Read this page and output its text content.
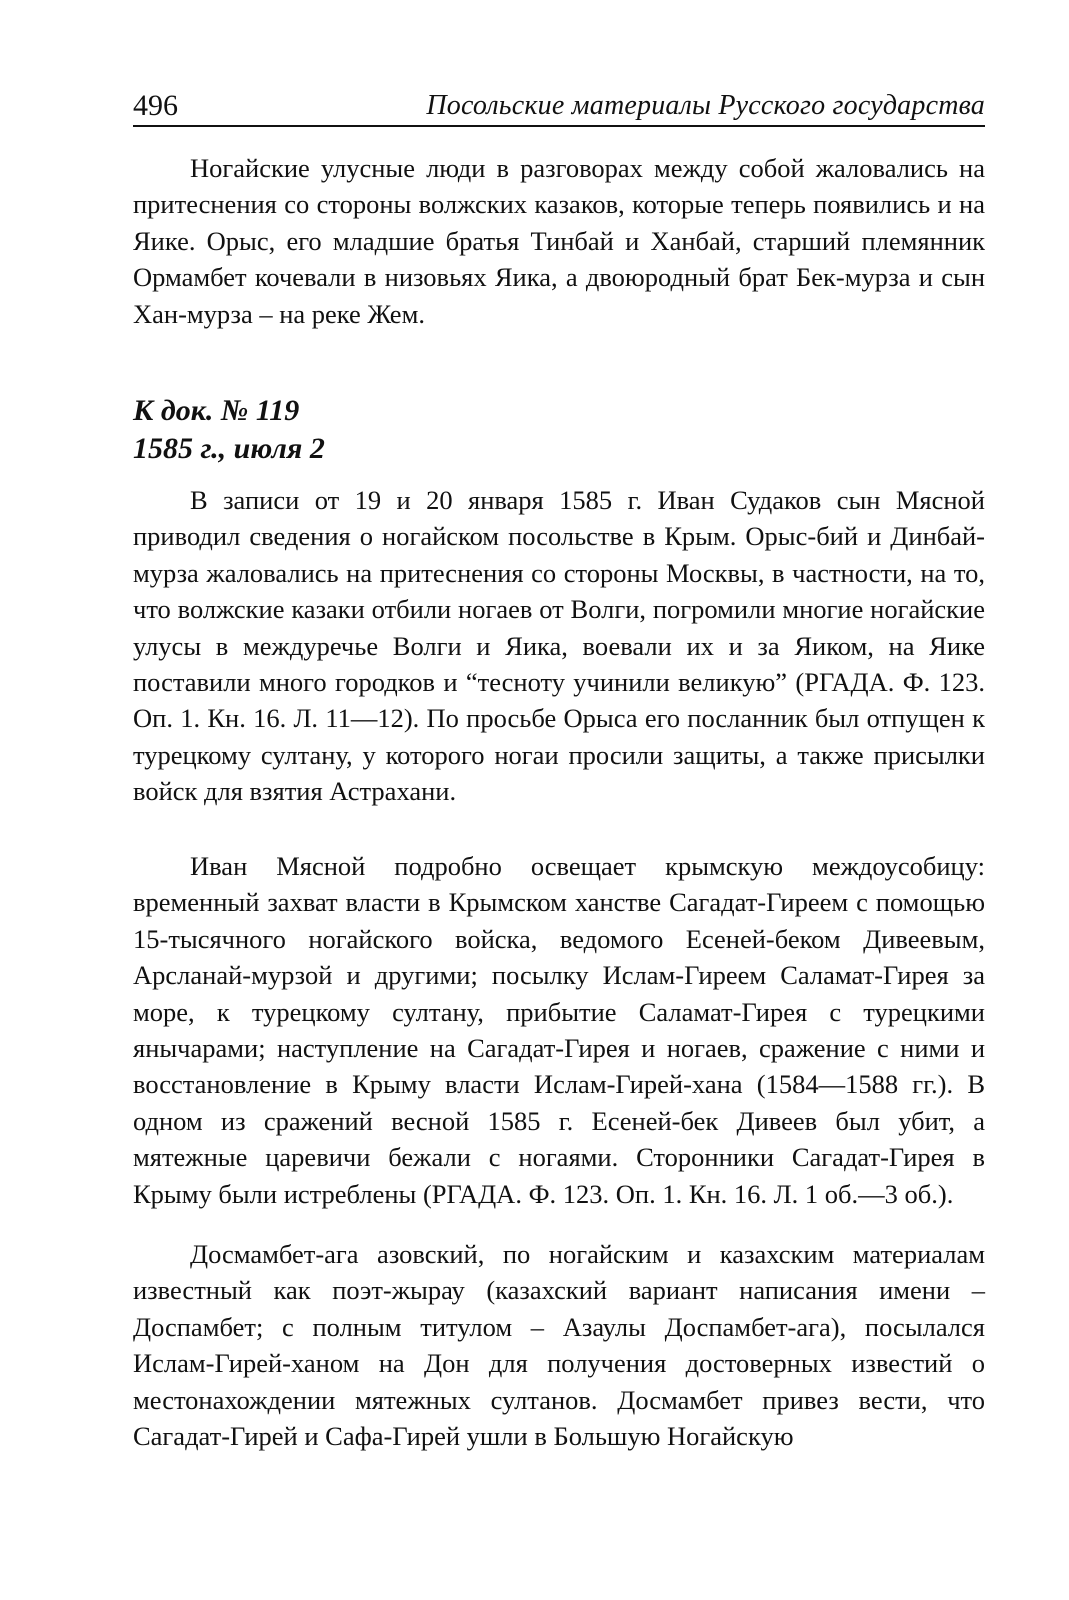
496	Посольские материалы Русского государства

Ногайские улусные люди в разговорах между собой жаловались на притеснения со стороны волжских казаков, которые теперь появились и на Яике. Орыс, его младшие братья Тинбай и Ханбай, старший племянник Ормамбет кочевали в низовьях Яика, а двоюродный брат Бек-мурза и сын Хан-мурза – на реке Жем.

К док. № 119
1585 г., июля 2

В записи от 19 и 20 января 1585 г. Иван Судаков сын Мясной приводил сведения о ногайском посольстве в Крым. Орыс-бий и Динбай-мурза жаловались на притеснения со стороны Москвы, в частности, на то, что волжские казаки отбили ногаев от Волги, погромили многие ногайские улусы в междуречье Волги и Яика, воевали их и за Яиком, на Яике поставили много городков и “тесноту учинили великую” (РГАДА. Ф. 123. Оп. 1. Кн. 16. Л. 11—12). По просьбе Орыса его посланник был отпущен к турецкому султану, у которого ногаи просили защиты, а также присылки войск для взятия Астрахани.

Иван Мясной подробно освещает крымскую междоусобицу: временный захват власти в Крымском ханстве Сагадат-Гиреем с помощью 15-тысячного ногайского войска, ведомого Есеней-беком Дивеевым, Арсланай-мурзой и другими; посылку Ислам-Гиреем Саламат-Гирея за море, к турецкому султану, прибытие Саламат-Гирея с турецкими янычарами; наступление на Сагадат-Гирея и ногаев, сражение с ними и восстановление в Крыму власти Ислам-Гирей-хана (1584—1588 гг.). В одном из сражений весной 1585 г. Есеней-бек Дивеев был убит, а мятежные царевичи бежали с ногаями. Сторонники Сагадат-Гирея в Крыму были истреблены (РГАДА. Ф. 123. Оп. 1. Кн. 16. Л. 1 об.—3 об.).

Досмамбет-ага азовский, по ногайским и казахским материалам известный как поэт-жырау (казахский вариант написания имени – Доспамбет; с полным титулом – Азаулы Доспамбет-ага), посылался Ислам-Гирей-ханом на Дон для получения достоверных известий о местонахождении мятежных султанов. Досмамбет привез вести, что Сагадат-Гирей и Сафа-Гирей ушли в Большую Ногайскую
